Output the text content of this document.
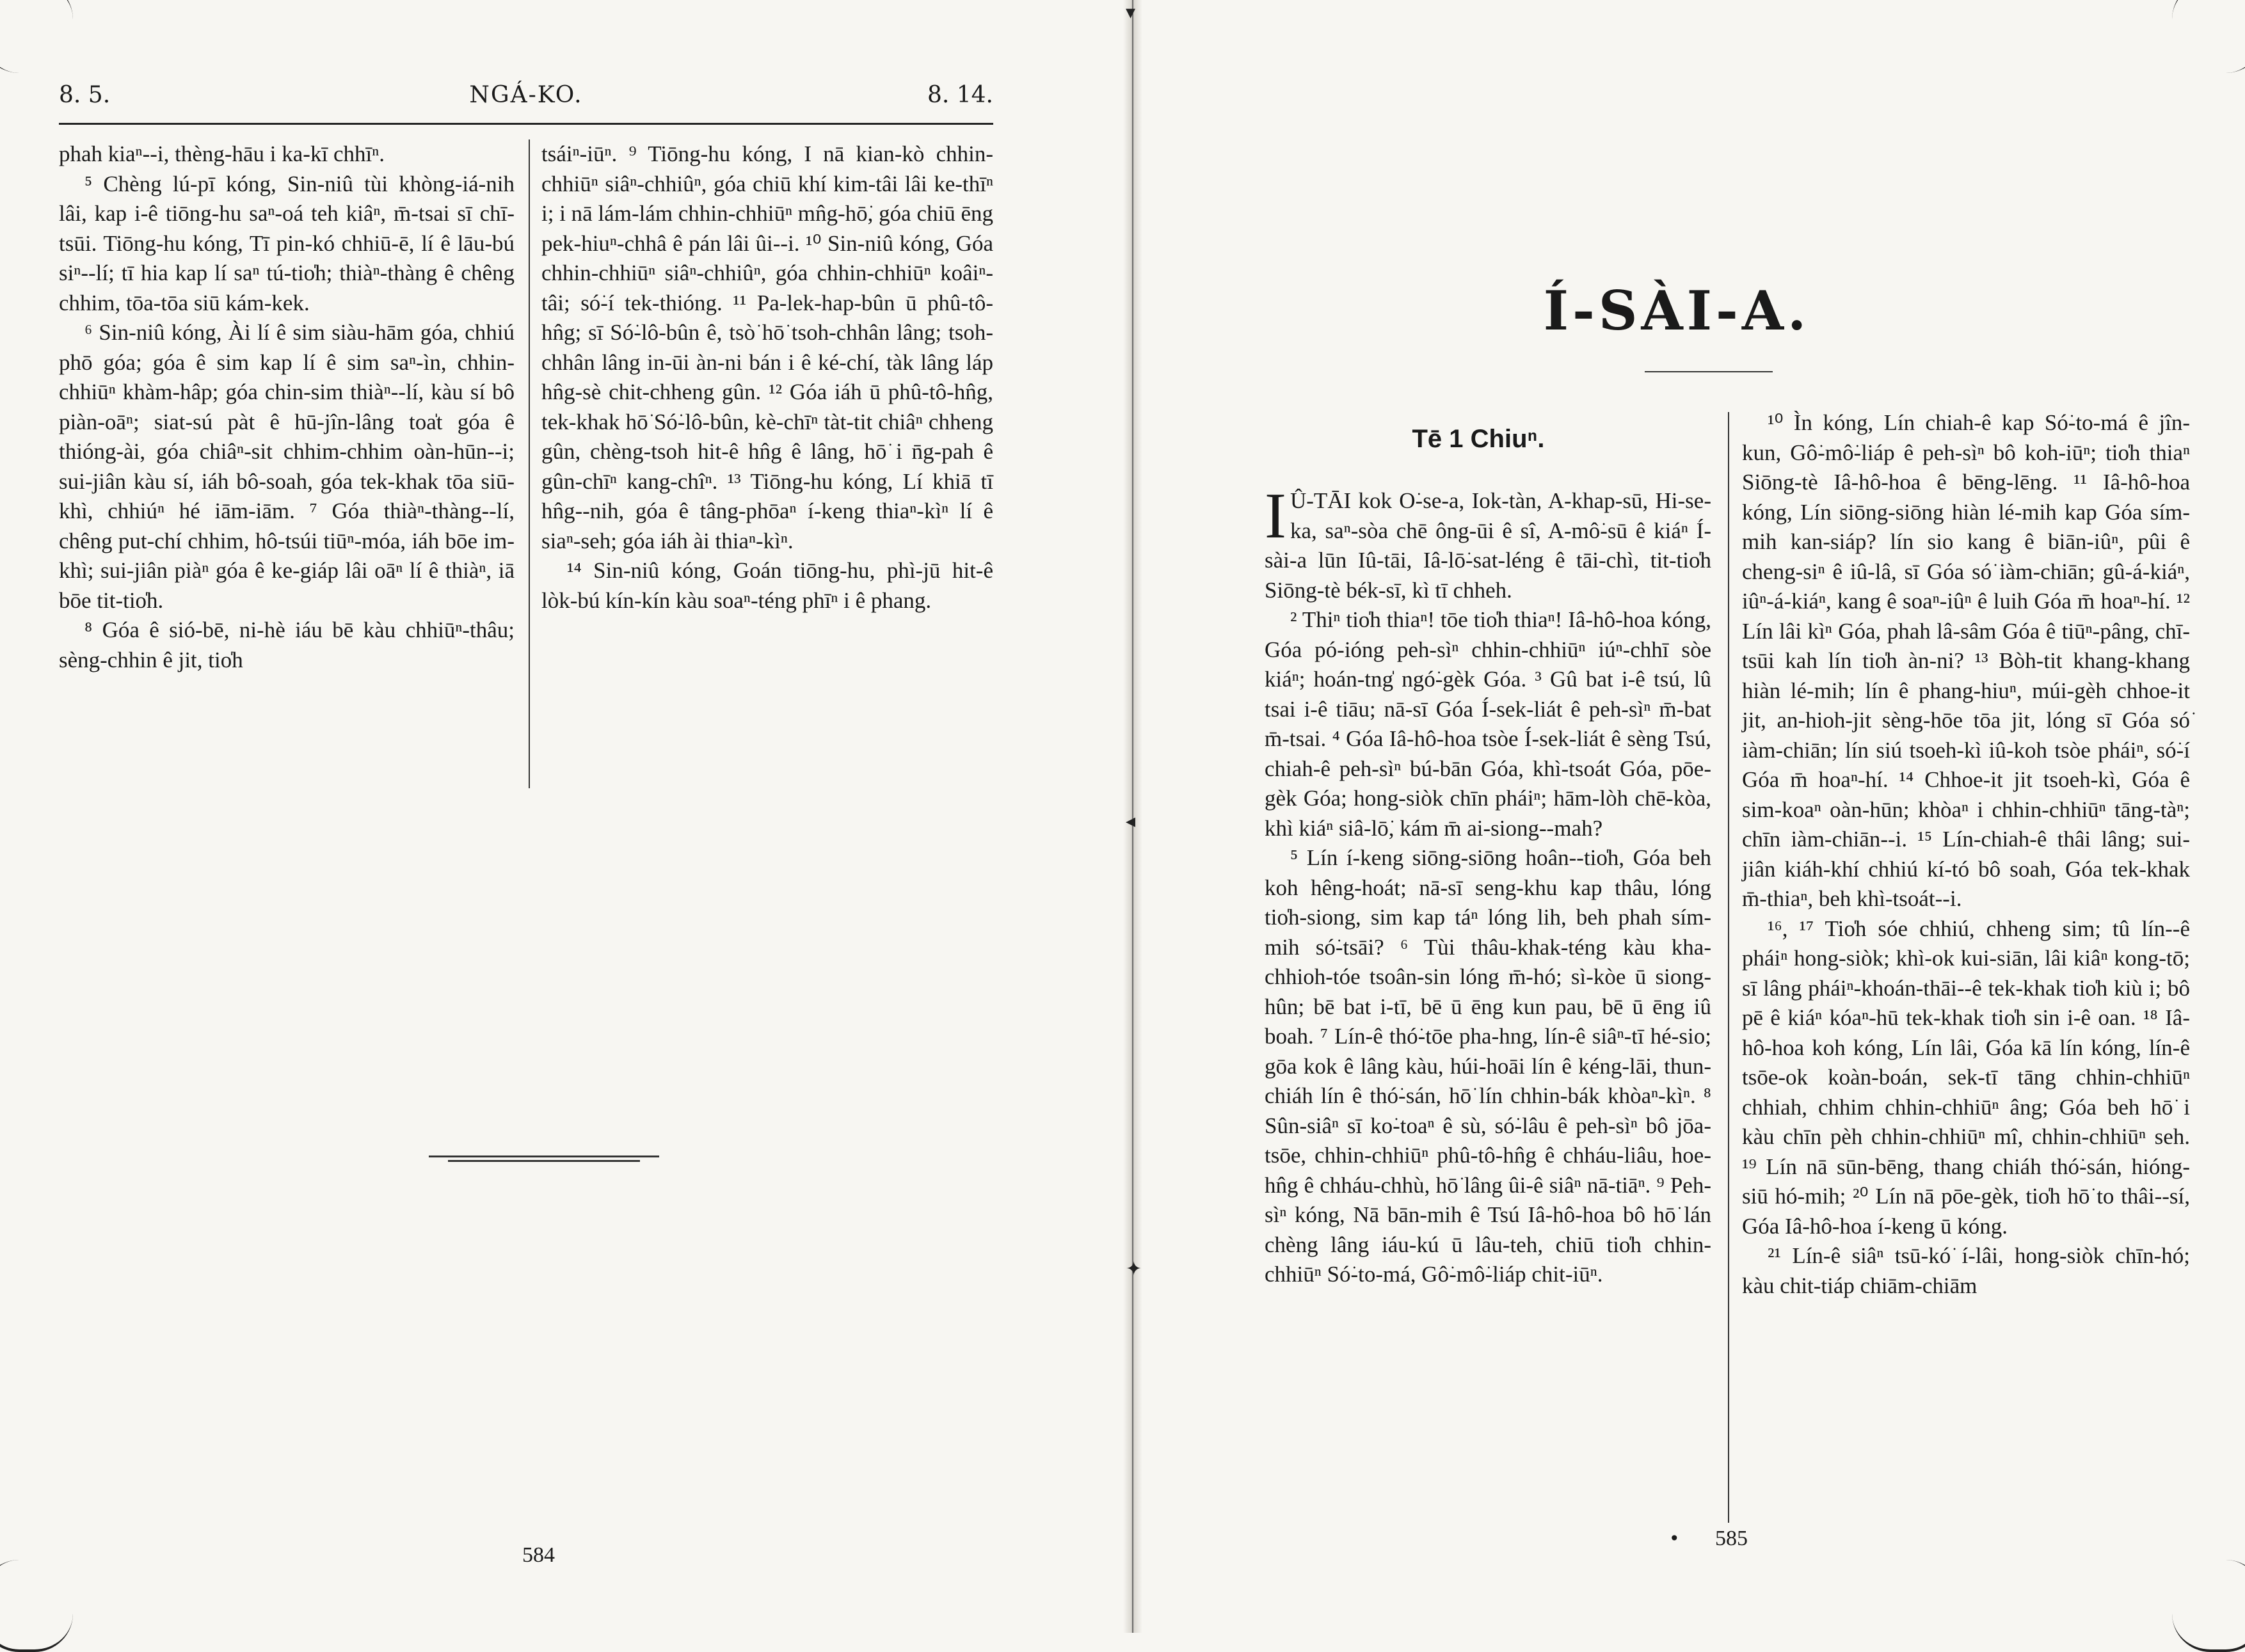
NGÁ-KO.
8. 5.	8. 14.

phah kiaⁿ--i, thèng-hāu i ka-kī chhīⁿ.

⁵ Chèng lú-pī kóng, Sin-niû tùi khòng-iá-nih lâi, kap i-ê tiōng-hu saⁿ-oá teh kiâⁿ, m̄-tsai sī chī-tsūi. Tiōng-hu kóng, Tī pin-kó chhiū-ē, lí ê lāu-bú siⁿ--lí; tī hia kap lí saⁿ tú-tio̍h; thiàⁿ-thàng ê chêng chhim, tōa-tōa siū kám-kek.

⁶ Sin-niû kóng, Ài lí ê sim siàu-hām góa, chhiú phō góa; góa ê sim kap lí ê sim saⁿ-ìn, chhin-chhiūⁿ khàm-hâp; góa chin-sim thiàⁿ--lí, kàu sí bô piàn-oāⁿ; siat-sú pàt ê hū-jîn-lâng toa̍t góa ê thióng-ài, góa chiâⁿ-sit chhim-chhim oàn-hūn--i; sui-jiân kàu sí, iáh bô-soah, góa tek-khak tōa siū-khì, chhiúⁿ hé iām-iām. ⁷ Góa thiàⁿ-thàng--lí, chêng put-chí chhim, hô-tsúi tiūⁿ-móa, iáh bōe im-khì; sui-jiân piàⁿ góa ê ke-giáp lâi oāⁿ lí ê thiàⁿ, iā bōe tit-tio̍h.

⁸ Góa ê sió-bē, ni-hè iáu bē kàu chhiūⁿ-thâu; sèng-chhin ê jit, tio̍h

tsáiⁿ-iūⁿ. ⁹ Tiōng-hu kóng, I nā kian-kò chhin-chhiūⁿ siâⁿ-chhiûⁿ, góa chiū khí kim-tâi lâi ke-thīⁿ i; i nā lám-lám chhin-chhiūⁿ mn̂g-hō͘, góa chiū ēng pek-hiuⁿ-chhâ ê pán lâi ûi--i. ¹⁰ Sin-niû kóng, Góa chhin-chhiūⁿ siâⁿ-chhiûⁿ, góa chhin-chhiūⁿ koâiⁿ-tâi; só͘-í tek-thióng. ¹¹ Pa-lek-hap-bûn ū phû-tô-hn̂g; sī Só͘-lô-bûn ê, tsò͘ hō͘ tsoh-chhân lâng; tsoh-chhân lâng in-ūi àn-ni bán i ê ké-chí, tàk lâng láp hn̂g-sè chit-chheng gûn. ¹² Góa iáh ū phû-tô-hn̂g, tek-khak hō͘ Só͘-lô-bûn, kè-chīⁿ tàt-tit chiâⁿ chheng gûn, chèng-tsoh hit-ê hn̂g ê lâng, hō͘ i n̄g-pah ê gûn-chīⁿ kang-chîⁿ. ¹³ Tiōng-hu kóng, Lí khiā tī hn̂g--nih, góa ê tâng-phōaⁿ í-keng thiaⁿ-kìⁿ lí ê siaⁿ-seh; góa iáh ài thiaⁿ-kìⁿ.

¹⁴ Sin-niû kóng, Goán tiōng-hu, phì-jū hit-ê lòk-bú kín-kín kàu soaⁿ-téng phīⁿ i ê phang.

584
▾
◂
✦
Í-SÀI-A.
Tē 1 Chiuⁿ.

I Û-TĀI kok O͘-se-a, Iok-tàn, A-khap-sū, Hi-se-ka, saⁿ-sòa chē ông-ūi ê sî, A-mô͘-sū ê kiáⁿ Í-sài-a lūn Iû-tāi, Iâ-lō͘-sat-léng ê tāi-chì, tit-tio̍h Siōng-tè bék-sī, kì tī chheh.

² Thiⁿ tio̍h thiaⁿ! tōe tio̍h thiaⁿ! Iâ-hô-hoa kóng, Góa pó-ióng peh-sìⁿ chhin-chhiūⁿ iúⁿ-chhī sòe kiáⁿ; hoán-tng̍ ngó͘-gèk Góa. ³ Gû bat i-ê tsú, lû tsai i-ê tiāu; nā-sī Góa Í-sek-liát ê peh-sìⁿ m̄-bat m̄-tsai. ⁴ Góa Iâ-hô-hoa tsòe Í-sek-liát ê sèng Tsú, chiah-ê peh-sìⁿ bú-bān Góa, khì-tsoát Góa, pōe-gèk Góa; hong-siòk chīn pháiⁿ; hām-lòh chē-kòa, khì kiáⁿ siâ-lō͘, kám m̄ ai-siong--mah?

⁵ Lín í-keng siōng-siōng hoân--tio̍h, Góa beh koh hêng-hoát; nā-sī seng-khu kap thâu, lóng tio̍h-siong, sim kap táⁿ lóng lih, beh phah sím-mih só͘-tsāi? ⁶ Tùi thâu-khak-téng kàu kha-chhioh-tóe tsoân-sin lóng m̄-hó; sì-kòe ū siong-hûn; bē bat i-tī, bē ū ēng kun pau, bē ū ēng iû boah. ⁷ Lín-ê thó͘-tōe pha-hng, lín-ê siâⁿ-tī hé-sio; gōa kok ê lâng kàu, húi-hoāi lín ê kéng-lāi, thun-chiáh lín ê thó͘-sán, hō͘ lín chhin-bák khòaⁿ-kìⁿ. ⁸ Sûn-siâⁿ sī ko͘-toaⁿ ê sù, só͘-lâu ê peh-sìⁿ bô jōa-tsōe, chhin-chhiūⁿ phû-tô-hn̂g ê chháu-liâu, hoe-hn̂g ê chháu-chhù, hō͘ lâng ûi-ê siâⁿ nā-tiāⁿ. ⁹ Peh-sìⁿ kóng, Nā bān-mih ê Tsú Iâ-hô-hoa bô hō͘ lán chèng lâng iáu-kú ū lâu-teh, chiū tio̍h chhin-chhiūⁿ Só͘-to-má, Gô͘-mô͘-liáp chit-iūⁿ.

¹⁰ Ìn kóng, Lín chiah-ê kap Só͘-to-má ê jîn-kun, Gô͘-mô͘-liáp ê peh-sìⁿ bô koh-iūⁿ; tio̍h thiaⁿ Siōng-tè Iâ-hô-hoa ê bēng-lēng. ¹¹ Iâ-hô-hoa kóng, Lín siōng-siōng hiàn lé-mih kap Góa sím-mih kan-siáp? lín sio kang ê biān-iûⁿ, pûi ê cheng-siⁿ ê iû-lâ, sī Góa só͘ iàm-chiān; gû-á-kiáⁿ, iûⁿ-á-kiáⁿ, kang ê soaⁿ-iûⁿ ê luih Góa m̄ hoaⁿ-hí. ¹² Lín lâi kìⁿ Góa, phah lâ-sâm Góa ê tiūⁿ-pâng, chī-tsūi kah lín tio̍h àn-ni? ¹³ Bòh-tit khang-khang hiàn lé-mih; lín ê phang-hiuⁿ, múi-gèh chhoe-it jit, an-hioh-jit sèng-hōe tōa jit, lóng sī Góa só͘ iàm-chiān; lín siú tsoeh-kì iû-koh tsòe pháiⁿ, só͘-í Góa m̄ hoaⁿ-hí. ¹⁴ Chhoe-it jit tsoeh-kì, Góa ê sim-koaⁿ oàn-hūn; khòaⁿ i chhin-chhiūⁿ tāng-tàⁿ; chīn iàm-chiān--i. ¹⁵ Lín-chiah-ê thâi lâng; sui-jiân kiáh-khí chhiú kí-tó bô soah, Góa tek-khak m̄-thiaⁿ, beh khì-tsoát--i.

¹⁶, ¹⁷ Tio̍h sóe chhiú, chheng sim; tû lín--ê pháiⁿ hong-siòk; khì-ok kui-siān, lâi kiâⁿ kong-tō; sī lâng pháiⁿ-khoán-thāi--ê tek-khak tio̍h kiù i; bô pē ê kiáⁿ kóaⁿ-hū tek-khak tio̍h sin i-ê oan. ¹⁸ Iâ-hô-hoa koh kóng, Lín lâi, Góa kā lín kóng, lín-ê tsōe-ok koàn-boán, sek-tī tāng chhin-chhiūⁿ chhiah, chhim chhin-chhiūⁿ âng; Góa beh hō͘ i kàu chīn pèh chhin-chhiūⁿ mî, chhin-chhiūⁿ seh. ¹⁹ Lín nā sūn-bēng, thang chiáh thó͘-sán, hióng-siū hó-mih; ²⁰ Lín nā pōe-gèk, tio̍h hō͘ to thâi--sí, Góa Iâ-hô-hoa í-keng ū kóng.

²¹ Lín-ê siâⁿ tsū-kó͘ í-lâi, hong-siòk chīn-hó; kàu chit-tiáp chiām-chiām

• 585
